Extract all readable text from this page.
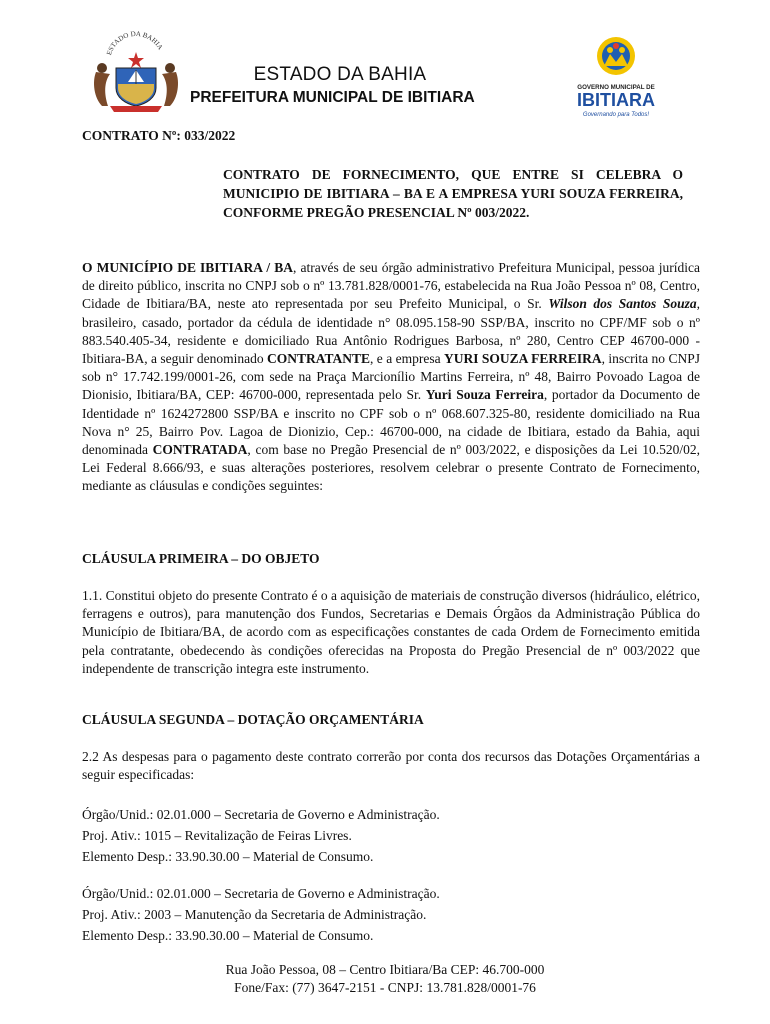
ESTADO DA BAHIA
GOVERNO MUNICIPAL DE
IBITIARA
Governando para Todos!
ESTADO DA BAHIA
PREFEITURA MUNICIPAL DE IBITIARA
CONTRATO Nº: 033/2022
CONTRATO DE FORNECIMENTO, QUE ENTRE SI CELEBRA O MUNICIPIO DE IBITIARA – BA E A EMPRESA YURI SOUZA FERREIRA, CONFORME PREGÃO PRESENCIAL Nº 003/2022.
O MUNICÍPIO DE IBITIARA / BA, através de seu órgão administrativo Prefeitura Municipal, pessoa jurídica de direito público, inscrita no CNPJ sob o nº 13.781.828/0001-76, estabelecida na Rua João Pessoa nº 08, Centro, Cidade de Ibitiara/BA, neste ato representada por seu Prefeito Municipal, o Sr. Wilson dos Santos Souza, brasileiro, casado, portador da cédula de identidade n° 08.095.158-90 SSP/BA, inscrito no CPF/MF sob o nº 883.540.405-34, residente e domiciliado Rua Antônio Rodrigues Barbosa, nº 280, Centro CEP 46700-000 - Ibitiara-BA, a seguir denominado CONTRATANTE, e a empresa YURI SOUZA FERREIRA, inscrita no CNPJ sob n° 17.742.199/0001-26, com sede na Praça Marcionílio Martins Ferreira, nº 48, Bairro Povoado Lagoa de Dionisio, Ibitiara/BA, CEP: 46700-000, representada pelo Sr. Yuri Souza Ferreira, portador da Documento de Identidade nº 1624272800 SSP/BA e inscrito no CPF sob o nº 068.607.325-80, residente domiciliado na Rua Nova n° 25, Bairro Pov. Lagoa de Dionizio, Cep.: 46700-000, na cidade de Ibitiara, estado da Bahia, aqui denominada CONTRATADA, com base no Pregão Presencial de nº 003/2022, e disposições da Lei 10.520/02, Lei Federal 8.666/93, e suas alterações posteriores, resolvem celebrar o presente Contrato de Fornecimento, mediante as cláusulas e condições seguintes:
CLÁUSULA PRIMEIRA – DO OBJETO
1.1. Constitui objeto do presente Contrato é o a aquisição de materiais de construção diversos (hidráulico, elétrico, ferragens e outros), para manutenção dos Fundos, Secretarias e Demais Órgãos da Administração Pública do Município de Ibitiara/BA, de acordo com as especificações constantes de cada Ordem de Fornecimento emitida pela contratante, obedecendo às condições oferecidas na Proposta do Pregão Presencial de nº 003/2022 que independente de transcrição integra este instrumento.
CLÁUSULA SEGUNDA – DOTAÇÃO ORÇAMENTÁRIA
2.2 As despesas para o pagamento deste contrato correrão por conta dos recursos das Dotações Orçamentárias a seguir especificadas:
Órgão/Unid.: 02.01.000 – Secretaria de Governo e Administração.
Proj. Ativ.: 1015 – Revitalização de Feiras Livres.
Elemento Desp.: 33.90.30.00 – Material de Consumo.
Órgão/Unid.: 02.01.000 – Secretaria de Governo e Administração.
Proj. Ativ.: 2003 – Manutenção da Secretaria de Administração.
Elemento Desp.: 33.90.30.00 – Material de Consumo.
Rua João Pessoa, 08 – Centro Ibitiara/Ba CEP: 46.700-000
Fone/Fax: (77) 3647-2151 - CNPJ: 13.781.828/0001-76
